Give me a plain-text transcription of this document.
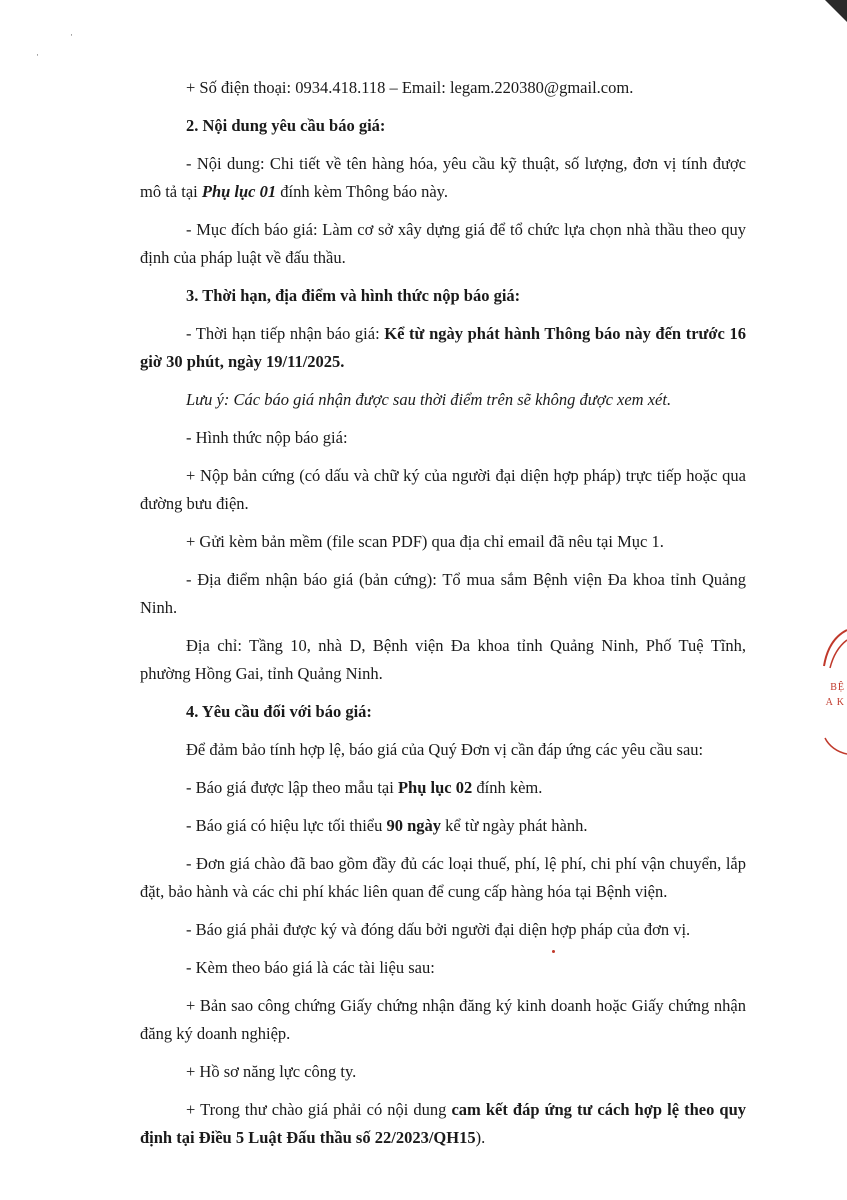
·
·

+ Số điện thoại: 0934.418.118 – Email: legam.220380@gmail.com.

2. Nội dung yêu cầu báo giá:

- Nội dung: Chi tiết về tên hàng hóa, yêu cầu kỹ thuật, số lượng, đơn vị tính được mô tả tại Phụ lục 01 đính kèm Thông báo này.

- Mục đích báo giá: Làm cơ sở xây dựng giá để tổ chức lựa chọn nhà thầu theo quy định của pháp luật về đấu thầu.

3. Thời hạn, địa điểm và hình thức nộp báo giá:

- Thời hạn tiếp nhận báo giá: Kể từ ngày phát hành Thông báo này đến trước 16 giờ 30 phút, ngày 19/11/2025.

Lưu ý: Các báo giá nhận được sau thời điểm trên sẽ không được xem xét.

- Hình thức nộp báo giá:

+ Nộp bản cứng (có dấu và chữ ký của người đại diện hợp pháp) trực tiếp hoặc qua đường bưu điện.

+ Gửi kèm bản mềm (file scan PDF) qua địa chỉ email đã nêu tại Mục 1.

- Địa điểm nhận báo giá (bản cứng): Tổ mua sắm Bệnh viện Đa khoa tỉnh Quảng Ninh.

Địa chỉ: Tầng 10, nhà D, Bệnh viện Đa khoa tỉnh Quảng Ninh, Phố Tuệ Tĩnh, phường Hồng Gai, tỉnh Quảng Ninh.

4. Yêu cầu đối với báo giá:

Để đảm bảo tính hợp lệ, báo giá của Quý Đơn vị cần đáp ứng các yêu cầu sau:

- Báo giá được lập theo mẫu tại Phụ lục 02 đính kèm.

- Báo giá có hiệu lực tối thiểu 90 ngày kể từ ngày phát hành.

- Đơn giá chào đã bao gồm đầy đủ các loại thuế, phí, lệ phí, chi phí vận chuyển, lắp đặt, bảo hành và các chi phí khác liên quan để cung cấp hàng hóa tại Bệnh viện.

- Báo giá phải được ký và đóng dấu bởi người đại diện hợp pháp của đơn vị.

- Kèm theo báo giá là các tài liệu sau:

+ Bản sao công chứng Giấy chứng nhận đăng ký kinh doanh hoặc Giấy chứng nhận đăng ký doanh nghiệp.

+ Hồ sơ năng lực công ty.

+ Trong thư chào giá phải có nội dung cam kết đáp ứng tư cách hợp lệ theo quy định tại Điều 5 Luật Đấu thầu số 22/2023/QH15).

BỆ
A K
